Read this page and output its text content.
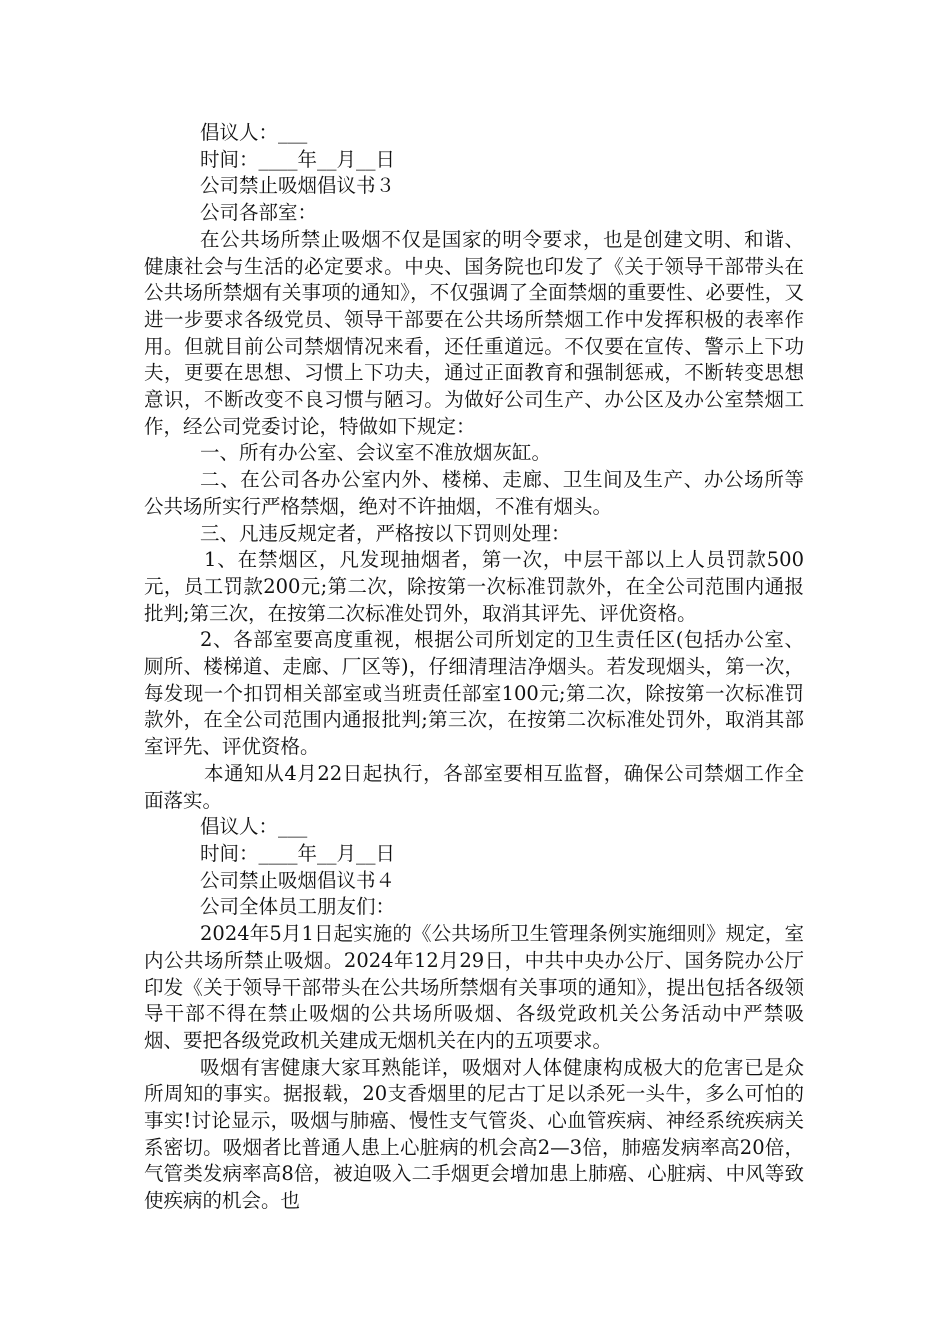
倡议人：___

时间：____年__月__日

公司禁止吸烟倡议书３

公司各部室：

在公共场所禁止吸烟不仅是国家的明令要求，也是创建文明、和谐、健康社会与生活的必定要求。中央、国务院也印发了《关于领导干部带头在公共场所禁烟有关事项的通知》，不仅强调了全面禁烟的重要性、必要性，又进一步要求各级党员、领导干部要在公共场所禁烟工作中发挥积极的表率作用。但就目前公司禁烟情况来看，还任重道远。不仅要在宣传、警示上下功夫，更要在思想、习惯上下功夫，通过正面教育和强制惩戒，不断转变思想意识，不断改变不良习惯与陋习。为做好公司生产、办公区及办公室禁烟工作，经公司党委讨论，特做如下规定：

一、所有办公室、会议室不准放烟灰缸。

二、在公司各办公室内外、楼梯、走廊、卫生间及生产、办公场所等公共场所实行严格禁烟，绝对不许抽烟，不准有烟头。

三、凡违反规定者，严格按以下罚则处理：

1、在禁烟区，凡发现抽烟者，第一次，中层干部以上人员罚款500元，员工罚款200元;第二次，除按第一次标准罚款外，在全公司范围内通报批判;第三次，在按第二次标准处罚外，取消其评先、评优资格。

2、各部室要高度重视，根据公司所划定的卫生责任区(包括办公室、厕所、楼梯道、走廊、厂区等)，仔细清理洁净烟头。若发现烟头，第一次，每发现一个扣罚相关部室或当班责任部室100元;第二次，除按第一次标准罚款外，在全公司范围内通报批判;第三次，在按第二次标准处罚外，取消其部室评先、评优资格。

本通知从4月22日起执行，各部室要相互监督，确保公司禁烟工作全面落实。

倡议人：___

时间：____年__月__日

公司禁止吸烟倡议书４

公司全体员工朋友们：

2024年5月1日起实施的《公共场所卫生管理条例实施细则》规定，室内公共场所禁止吸烟。2024年12月29日，中共中央办公厅、国务院办公厅印发《关于领导干部带头在公共场所禁烟有关事项的通知》，提出包括各级领导干部不得在禁止吸烟的公共场所吸烟、各级党政机关公务活动中严禁吸烟、要把各级党政机关建成无烟机关在内的五项要求。

吸烟有害健康大家耳熟能详，吸烟对人体健康构成极大的危害已是众所周知的事实。据报载，20支香烟里的尼古丁足以杀死一头牛，多么可怕的事实!讨论显示，吸烟与肺癌、慢性支气管炎、心血管疾病、神经系统疾病关系密切。吸烟者比普通人患上心脏病的机会高2—3倍，肺癌发病率高20倍，气管类发病率高8倍，被迫吸入二手烟更会增加患上肺癌、心脏病、中风等致使疾病的机会。也
